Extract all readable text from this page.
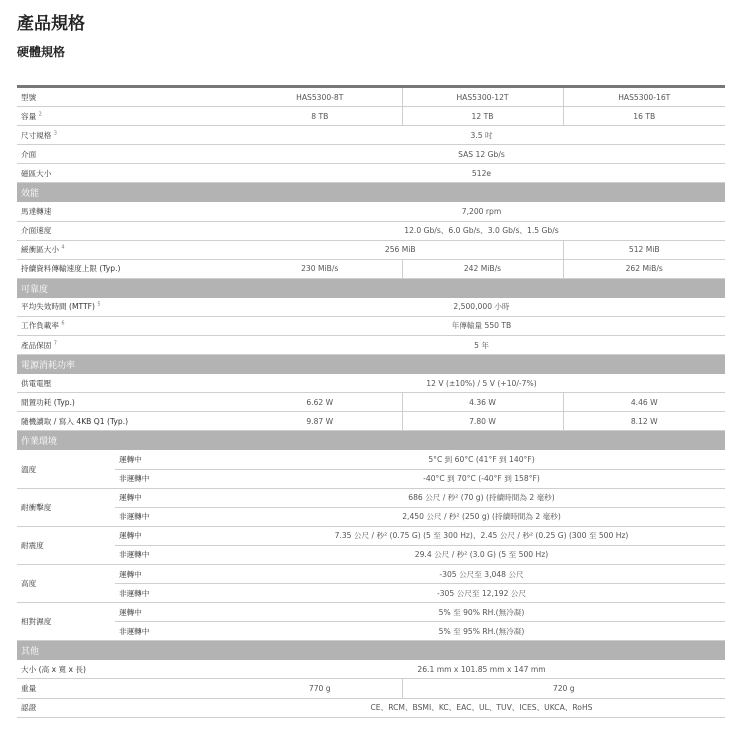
產品規格
硬體規格
型號		HAS5300-8T	HAS5300-12T	HAS5300-16T
容量 $^2$		8 TB	12 TB	16 TB
尺寸規格 $^3$		3.5 吋		
介面		SAS 12 Gb/s		
磁區大小		512e		
效能				
馬達轉速		7,200 rpm		
介面速度		12.0 Gb/s、6.0 Gb/s、3.0 Gb/s、1.5 Gb/s		
緩衝區大小 $^4$		256 MiB		512 MiB
持續資料傳輸速度上限 (Typ.)		230 MiB/s	242 MiB/s	262 MiB/s
可靠度				
平均失效時間 (MTTF) $^5$		2,500,000 小時		
工作負載率 $^6$		年傳輸量 550 TB		
產品保固 $^7$		5 年		
電源消耗功率				
供電電壓		12 V (±10%) / 5 V (+10/-7%)		
閒置功耗 (Typ.)		6.62 W	4.36 W	4.46 W
隨機讀取 / 寫入 4KB Q1 (Typ.)		9.87 W	7.80 W	8.12 W
作業環境				
溫度	運轉中	5°C 到 60°C (41°F 到 140°F)		
	非運轉中	-40°C 到 70°C (-40°F 到 158°F)		
耐衝擊度	運轉中	686 公尺 / 秒² (70 g) (持續時間為 2 毫秒)		
	非運轉中	2,450 公尺 / 秒² (250 g) (持續時間為 2 毫秒)		
耐震度	運轉中	7.35 公尺 / 秒² (0.75 G) (5 至 300 Hz)、2.45 公尺 / 秒² (0.25 G) (300 至 500 Hz)		
	非運轉中	29.4 公尺 / 秒² (3.0 G) (5 至 500 Hz)		
高度	運轉中	-305 公尺至 3,048 公尺		
	非運轉中	-305 公尺至 12,192 公尺		
相對濕度	運轉中	5% 至 90% RH.(無冷凝)		
	非運轉中	5% 至 95% RH.(無冷凝)		
其他				
大小 (高 x 寬 x 長)		26.1 mm x 101.85 mm x 147 mm		
重量		770 g	720 g	
認證		CE、RCM、BSMI、KC、EAC、UL、TUV、ICES、UKCA、RoHS		
